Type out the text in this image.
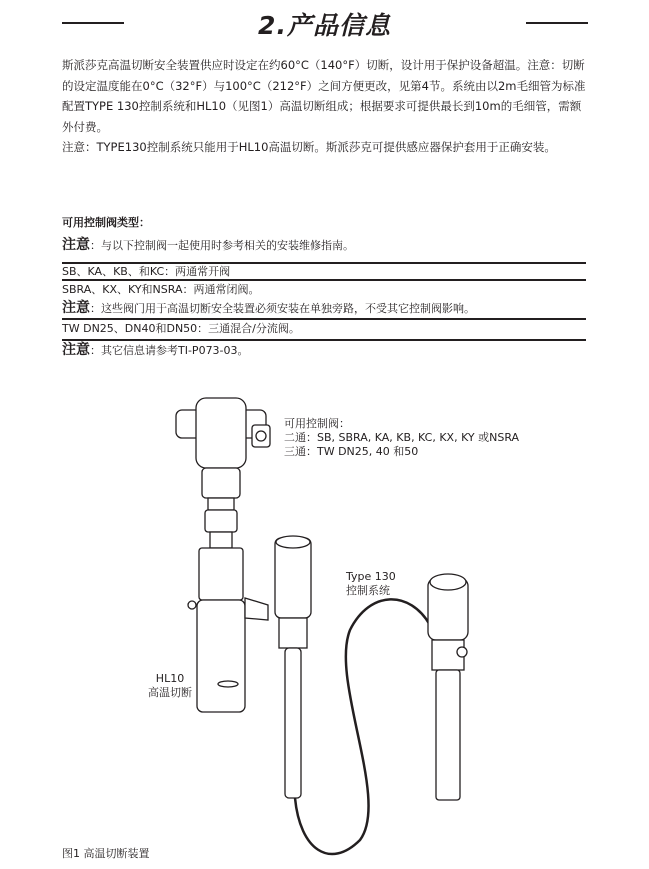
2.产品信息
斯派莎克高温切断安全装置供应时设定在约60°C（140°F）切断，设计用于保护设备超温。注意：切断的设定温度能在0°C（32°F）与100°C（212°F）之间方便更改，见第4节。系统由以2m毛细管为标准配置TYPE 130控制系统和HL10（见图1）高温切断组成；根据要求可提供最长到10m的毛细管，需额外付费。
注意：TYPE130控制系统只能用于HL10高温切断。斯派莎克可提供感应器保护套用于正确安装。
可用控制阀类型：
注意：与以下控制阀一起使用时参考相关的安装维修指南。
SB、KA、KB、和KC：两通常开阀
SBRA、KX、KY和NSRA：两通常闭阀。
注意：这些阀门用于高温切断安全装置必须安装在单独旁路，不受其它控制阀影响。
TW DN25、DN40和DN50：三通混合/分流阀。
注意：其它信息请参考TI-P073-03。
可用控制阀：
二通：SB, SBRA, KA, KB, KC, KX, KY 或NSRA
三通：TW DN25, 40 和50
Type 130
控制系统
HL10
高温切断
图1 高温切断装置
